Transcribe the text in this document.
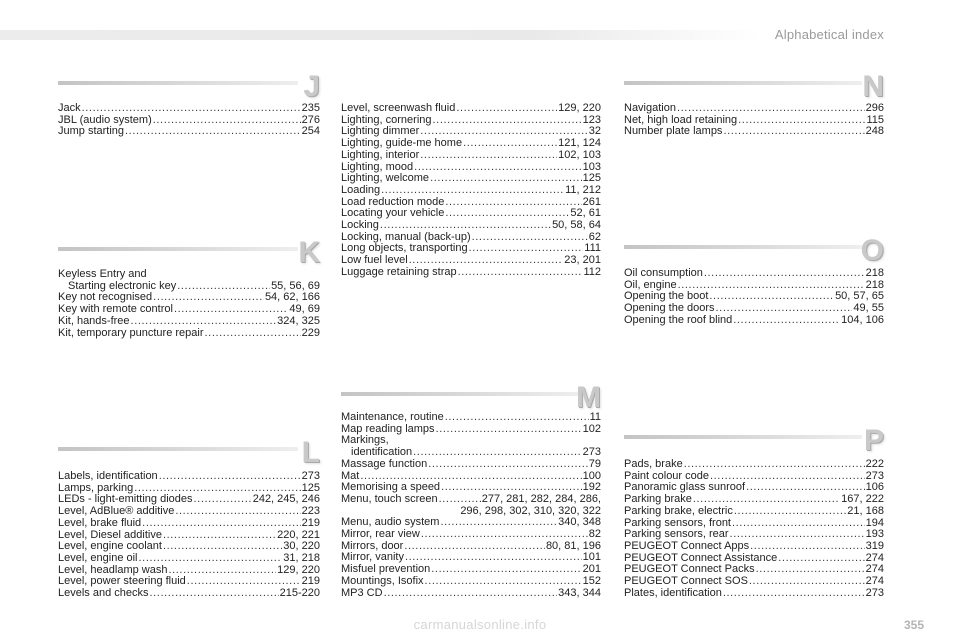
Alphabetical index
J
Jack .....	235
JBL (audio system) .....	276
Jump starting .....	254
K
Keyless Entry and
Starting electronic key .....	55, 56, 69
Key not recognised .....	54, 62, 166
Key with remote control .....	49, 69
Kit, hands-free .....	324, 325
Kit, temporary puncture repair .....	229
L
Labels, identification .....	273
Lamps, parking .....	125
LEDs - light-emitting diodes .....	242, 245, 246
Level, AdBlue® additive .....	223
Level, brake fluid .....	219
Level, Diesel additive .....	220, 221
Level, engine coolant .....	30, 220
Level, engine oil .....	31, 218
Level, headlamp wash .....	129, 220
Level, power steering fluid .....	219
Levels and checks .....	215-220
Level, screenwash fluid .....	129, 220
Lighting, cornering .....	123
Lighting dimmer .....	32
Lighting, guide-me home .....	121, 124
Lighting, interior .....	102, 103
Lighting, mood .....	103
Lighting, welcome .....	125
Loading .....	11, 212
Load reduction mode .....	261
Locating your vehicle .....	52, 61
Locking .....	50, 58, 64
Locking, manual (back-up) .....	62
Long objects, transporting .....	111
Low fuel level .....	23, 201
Luggage retaining strap .....	112
M
Maintenance, routine .....	11
Map reading lamps .....	102
Markings,
identification .....	273
Massage function .....	79
Mat .....	100
Memorising a speed .....	192
Menu, touch screen .....	277, 281, 282, 284, 286,
296, 298, 302, 310, 320, 322
Menu, audio system .....	340, 348
Mirror, rear view .....	82
Mirrors, door .....	80, 81, 196
Mirror, vanity .....	101
Misfuel prevention .....	201
Mountings, Isofix .....	152
MP3 CD .....	343, 344
N
Navigation .....	296
Net, high load retaining .....	115
Number plate lamps .....	248
O
Oil consumption .....	218
Oil, engine .....	218
Opening the boot .....	50, 57, 65
Opening the doors .....	49, 55
Opening the roof blind .....	104, 106
P
Pads, brake .....	222
Paint colour code .....	273
Panoramic glass sunroof .....	106
Parking brake .....	167, 222
Parking brake, electric .....	21, 168
Parking sensors, front .....	194
Parking sensors, rear .....	193
PEUGEOT Connect Apps .....	319
PEUGEOT Connect Assistance .....	274
PEUGEOT Connect Packs .....	274
PEUGEOT Connect SOS .....	274
Plates, identification .....	273
carmanualsonline.info	355
